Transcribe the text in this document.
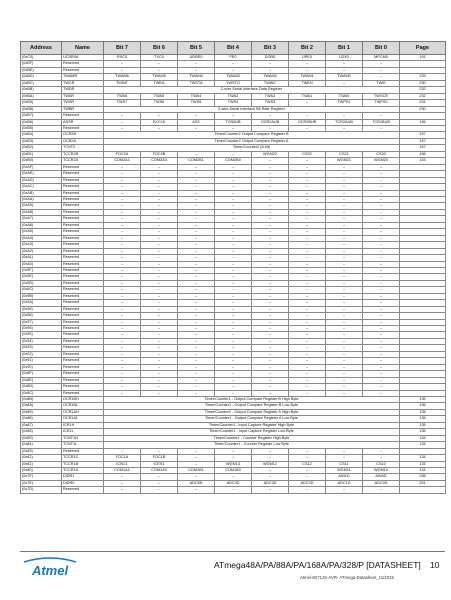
Address	Name	Bit 7	Bit 6	Bit 5	Bit 4	Bit 3	Bit 2	Bit 1	Bit 0	Page
(0xC0)	UCSR0A	RXC0	TXC0	UDRE0	FE0	DOR0	UPE0	U2X0	MPCM0	191
(0xBF)	Reserved	–	–	–	–	–	–	–	–	
(0xBE)	Reserved	–	–	–	–	–	–	–	–	
(0xBD)	TWAMR	TWAM6	TWAM5	TWAM4	TWAM3	TWAM2	TWAM1	TWAM0	–	233
(0xBC)	TWCR	TWINT	TWEA	TWSTA	TWSTO	TWWC	TWEN	–	TWIE	230
(0xBB)	TWDR	2-wire Serial Interface Data Register								232
(0xBA)	TWAR	TWA6	TWA5	TWA4	TWA3	TWA2	TWA1	TWA0	TWGCE	232
(0xB9)	TWSR	TWS7	TWS6	TWS5	TWS4	TWS3	–	TWPS1	TWPS0	231
(0xB8)	TWBR	2-wire Serial Interface Bit Rate Register								230
(0xB7)	Reserved	–	–	–	–	–	–	–	–	
(0xB6)	ASSR	–	EXCLK	AS2	TCN2UB	OCR2AUB	OCR2BUB	TCR2AUB	TCR2BUB	156
(0xB5)	Reserved	–	–	–	–	–	–	–	–	
(0xB4)	OCR2B	Timer/Counter2 Output Compare Register B								157
(0xB3)	OCR2A	Timer/Counter2 Output Compare Register A								157
(0xB2)	TCNT2	Timer/Counter2 (8-bit)								157
(0xB1)	TCCR2B	FOC2A	FOC2B	–	–	WGM22	CS22	CS21	CS20	156
(0xB0)	TCCR2A	COM2A1	COM2A0	COM2B1	COM2B0	–	–	WGM21	WGM20	153
(0xAF)	Reserved	–	–	–	–	–	–	–	–	
(0xAE)	Reserved	–	–	–	–	–	–	–	–	
(0xAD)	Reserved	–	–	–	–	–	–	–	–	
(0xAC)	Reserved	–	–	–	–	–	–	–	–	
(0xAB)	Reserved	–	–	–	–	–	–	–	–	
(0xAA)	Reserved	–	–	–	–	–	–	–	–	
(0xA9)	Reserved	–	–	–	–	–	–	–	–	
(0xA8)	Reserved	–	–	–	–	–	–	–	–	
(0xA7)	Reserved	–	–	–	–	–	–	–	–	
(0xA6)	Reserved	–	–	–	–	–	–	–	–	
(0xA5)	Reserved	–	–	–	–	–	–	–	–	
(0xA4)	Reserved	–	–	–	–	–	–	–	–	
(0xA3)	Reserved	–	–	–	–	–	–	–	–	
(0xA2)	Reserved	–	–	–	–	–	–	–	–	
(0xA1)	Reserved	–	–	–	–	–	–	–	–	
(0xA0)	Reserved	–	–	–	–	–	–	–	–	
(0x9F)	Reserved	–	–	–	–	–	–	–	–	
(0x9E)	Reserved	–	–	–	–	–	–	–	–	
(0x9D)	Reserved	–	–	–	–	–	–	–	–	
(0x9C)	Reserved	–	–	–	–	–	–	–	–	
(0x9B)	Reserved	–	–	–	–	–	–	–	–	
(0x9A)	Reserved	–	–	–	–	–	–	–	–	
(0x99)	Reserved	–	–	–	–	–	–	–	–	
(0x98)	Reserved	–	–	–	–	–	–	–	–	
(0x97)	Reserved	–	–	–	–	–	–	–	–	
(0x96)	Reserved	–	–	–	–	–	–	–	–	
(0x95)	Reserved	–	–	–	–	–	–	–	–	
(0x94)	Reserved	–	–	–	–	–	–	–	–	
(0x93)	Reserved	–	–	–	–	–	–	–	–	
(0x92)	Reserved	–	–	–	–	–	–	–	–	
(0x91)	Reserved	–	–	–	–	–	–	–	–	
(0x90)	Reserved	–	–	–	–	–	–	–	–	
(0x8F)	Reserved	–	–	–	–	–	–	–	–	
(0x8E)	Reserved	–	–	–	–	–	–	–	–	
(0x8D)	Reserved	–	–	–	–	–	–	–	–	
(0x8C)	Reserved	–	–	–	–	–	–	–	–	
(0x8B)	OCR1BH	Timer/Counter1 - Output Compare Register B High Byte								135
(0x8A)	OCR1BL	Timer/Counter1 - Output Compare Register B Low Byte								135
(0x89)	OCR1AH	Timer/Counter1 - Output Compare Register A High Byte								135
(0x88)	OCR1AL	Timer/Counter1 - Output Compare Register A Low Byte								135
(0x87)	ICR1H	Timer/Counter1 - Input Capture Register High Byte								135
(0x86)	ICR1L	Timer/Counter1 - Input Capture Register Low Byte								135
(0x85)	TCNT1H	Timer/Counter1 - Counter Register High Byte								134
(0x84)	TCNT1L	Timer/Counter1 - Counter Register Low Byte								134
(0x83)	Reserved	–	–	–	–	–	–	–	–	
(0x82)	TCCR1C	FOC1A	FOC1B	–	–	–	–	–	–	134
(0x81)	TCCR1B	ICNC1	ICES1	–	WGM13	WGM12	CS12	CS11	CS10	133
(0x80)	TCCR1A	COM1A1	COM1A0	COM1B1	COM1B0	–	–	WGM11	WGM10	131
(0x7F)	DIDR1	–	–	–	–	–	–	AIN1D	AIN0D	236
(0x7E)	DIDR0	–	–	ADC5D	ADC4D	ADC3D	ADC2D	ADC1D	ADC0D	251
(0x7D)	Reserved	–	–	–	–	–	–	–	–	
Atmel	ATmega48A/PA/88A/PA/168A/PA/328/P [DATASHEET] 10
Atmel-8271JS-AVR- ATmega-Datasheet_11/2015
